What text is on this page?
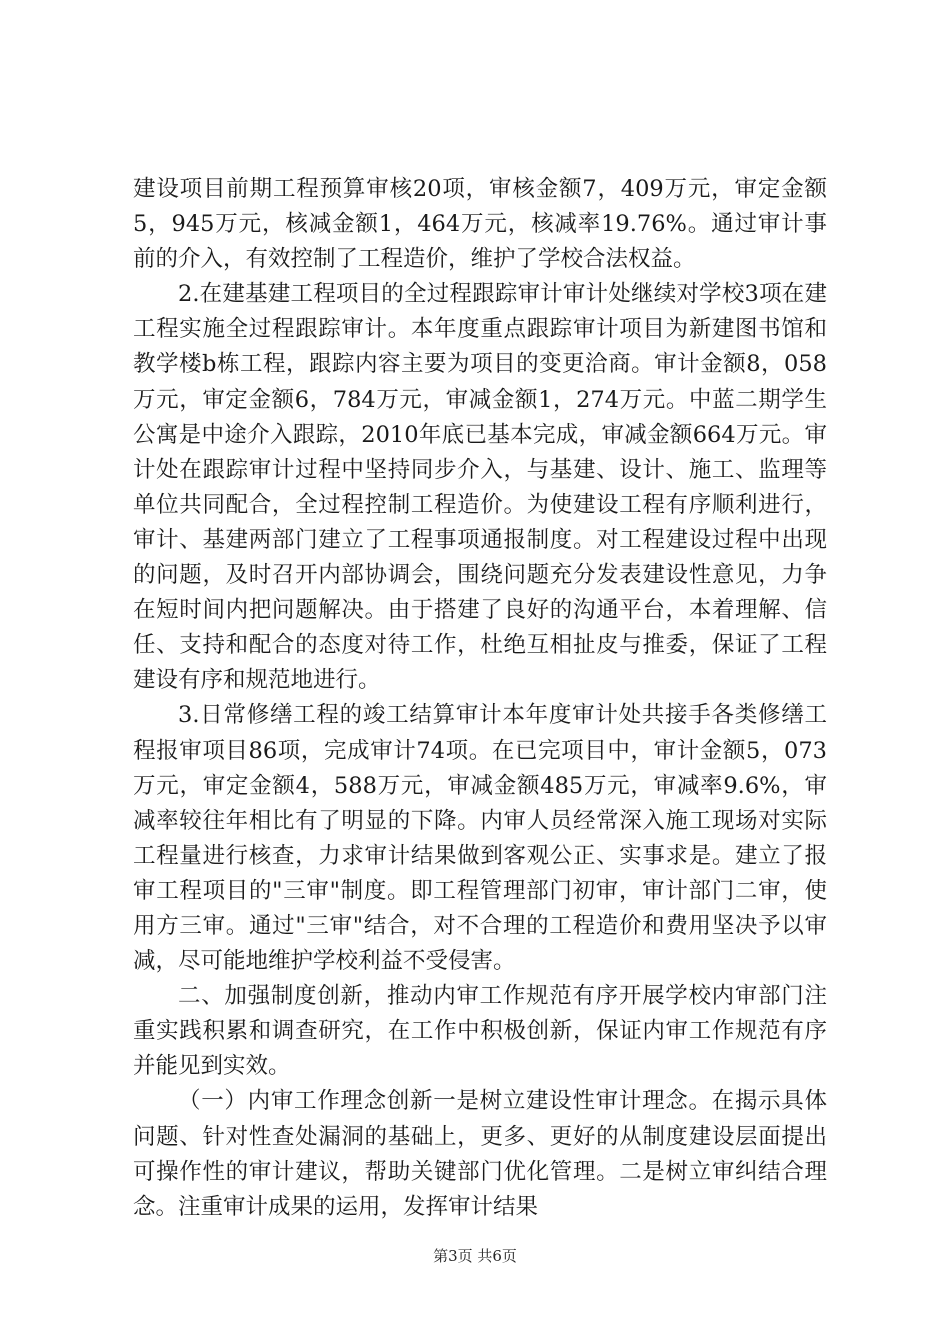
建设项目前期工程预算审核20项，审核金额7，409万元，审定金额5，945万元，核减金额1，464万元，核减率19.76%。通过审计事前的介入，有效控制了工程造价，维护了学校合法权益。

2.在建基建工程项目的全过程跟踪审计审计处继续对学校3项在建工程实施全过程跟踪审计。本年度重点跟踪审计项目为新建图书馆和教学楼b栋工程，跟踪内容主要为项目的变更洽商。审计金额8，058万元，审定金额6，784万元，审减金额1，274万元。中蓝二期学生公寓是中途介入跟踪，2010年底已基本完成，审减金额664万元。审计处在跟踪审计过程中坚持同步介入，与基建、设计、施工、监理等单位共同配合，全过程控制工程造价。为使建设工程有序顺利进行，审计、基建两部门建立了工程事项通报制度。对工程建设过程中出现的问题，及时召开内部协调会，围绕问题充分发表建设性意见，力争在短时间内把问题解决。由于搭建了良好的沟通平台，本着理解、信任、支持和配合的态度对待工作，杜绝互相扯皮与推委，保证了工程建设有序和规范地进行。

3.日常修缮工程的竣工结算审计本年度审计处共接手各类修缮工程报审项目86项，完成审计74项。在已完项目中，审计金额5，073万元，审定金额4，588万元，审减金额485万元，审减率9.6%，审减率较往年相比有了明显的下降。内审人员经常深入施工现场对实际工程量进行核查，力求审计结果做到客观公正、实事求是。建立了报审工程项目的"三审"制度。即工程管理部门初审，审计部门二审，使用方三审。通过"三审"结合，对不合理的工程造价和费用坚决予以审减，尽可能地维护学校利益不受侵害。

二、加强制度创新，推动内审工作规范有序开展学校内审部门注重实践积累和调查研究，在工作中积极创新，保证内审工作规范有序并能见到实效。

（一）内审工作理念创新一是树立建设性审计理念。在揭示具体问题、针对性查处漏洞的基础上，更多、更好的从制度建设层面提出可操作性的审计建议，帮助关键部门优化管理。二是树立审纠结合理念。注重审计成果的运用，发挥审计结果

第3页 共6页
